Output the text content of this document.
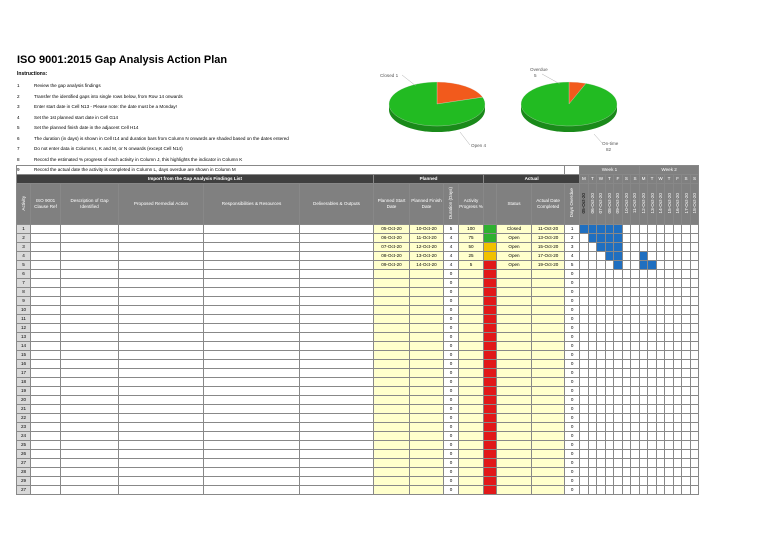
ISO 9001:2015 Gap Analysis Action Plan
Instructions:
1	Review the gap analysis findings
2	Transfer the identified gaps into single rows below, from Row 14 onwards
3	Enter start date in Cell N13 - Please note: the date must be a Monday!
4	Set the 1st planned start date in Cell G14
5	Set the planned finish date in the adjacent Cell H14
6	The duration (in days) is shown in Cell I14 and duration bars from Column N onwards are shaded based on the dates entered
7	Do not enter data in Columns I, K and M, or N onwards (except Cell N14)
8	Record the estimated % progress of each activity in Column J, this highlights the indicator in Column K
9	Record the actual date the activity is completed in Column L, days overdue are shown in Column M
Closed 1
Open 4
Overdue
5
On-time
82
														Week 1							Week 2						
Import from the Gap Analysis Findings List						Planned				Actual				M	T	W	T	F	S	S	M	T	W	T	F	S	S
Activity	ISO 9001 Clause Ref	Description of Gap Identified	Proposed Remedial Action	Responsibilities & Resources	Deliverables & Outputs	Planned Start Date	Planned Finish Date	Duration (Days)	Activity Progress %		Status	Actual Date Completed	Days Overdue	05-Oct-20	06-Oct-20	07-Oct-20	08-Oct-20	09-Oct-20	10-Oct-20	11-Oct-20	12-Oct-20	13-Oct-20	14-Oct-20	15-Oct-20	16-Oct-20	17-Oct-20	18-Oct-20
1						05-Oct-20	10-Oct-20	5	100		Closed	11-Oct-20	1														
2						06-Oct-20	11-Oct-20	4	75		Open	13-Oct-20	2														
3						07-Oct-20	12-Oct-20	4	50		Open	15-Oct-20	3														
4						08-Oct-20	13-Oct-20	4	25		Open	17-Oct-20	4														
5						09-Oct-20	14-Oct-20	4	5		Open	19-Oct-20	5														
6								0					0														
7								0					0														
8								0					0														
9								0					0														
10								0					0														
11								0					0														
12								0					0														
13								0					0														
14								0					0														
15								0					0														
16								0					0														
17								0					0														
18								0					0														
19								0					0														
20								0					0														
21								0					0														
22								0					0														
23								0					0														
24								0					0														
25								0					0														
26								0					0														
27								0					0														
28								0					0														
29								0					0														
27								0					0														
